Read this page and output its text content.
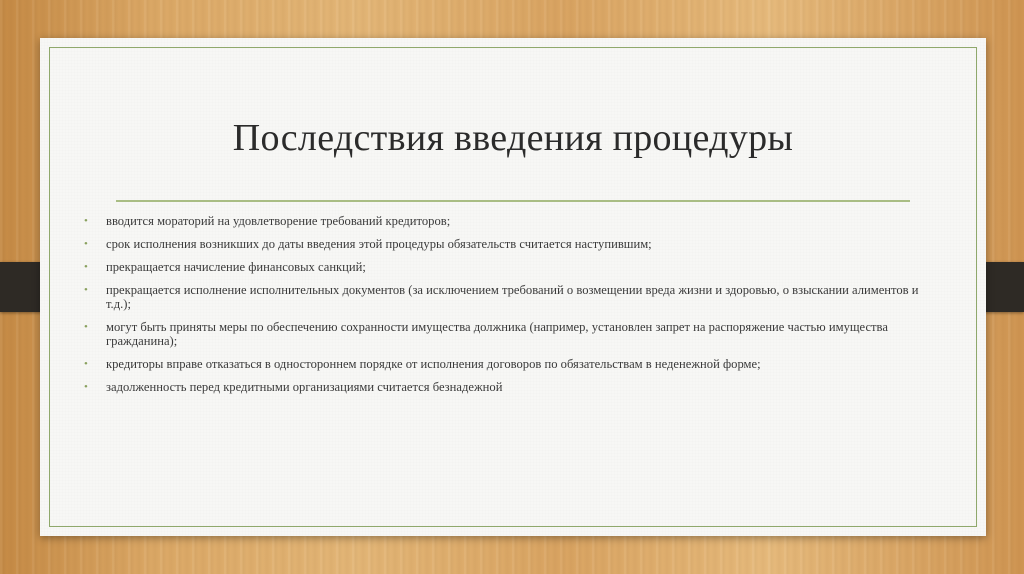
Последствия введения процедуры
• вводится мораторий на удовлетворение требований кредиторов;
• срок исполнения возникших до даты введения этой процедуры обязательств считается наступившим;
• прекращается начисление финансовых санкций;
• прекращается исполнение исполнительных документов (за исключением требований о возмещении вреда жизни и здоровью, о взыскании алиментов и т.д.);
• могут быть приняты меры по обеспечению сохранности имущества должника (например, установлен запрет на распоряжение частью имущества гражданина);
• кредиторы вправе отказаться в одностороннем порядке от исполнения договоров по обязательствам в неденежной форме;
• задолженность перед кредитными организациями считается безнадежной
